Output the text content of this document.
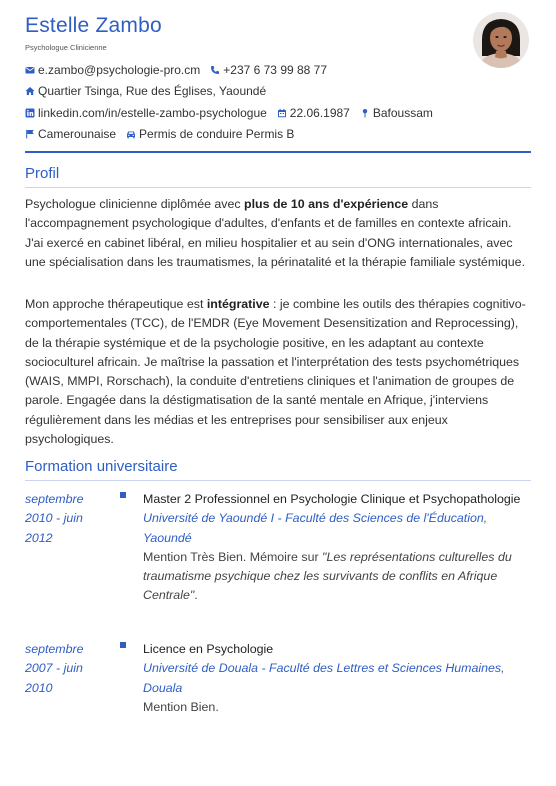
Estelle Zambo
Psychologue Clinicienne
e.zambo@psychologie-pro.cm +237 6 73 99 88 77
Quartier Tsinga, Rue des Églises, Yaoundé
linkedin.com/in/estelle-zambo-psychologue 22.06.1987 Bafoussam
Camerounaise Permis de conduire Permis B
Profil

Psychologue clinicienne diplômée avec plus de 10 ans d'expérience dans l'accompagnement psychologique d'adultes, d'enfants et de familles en contexte africain. J'ai exercé en cabinet libéral, en milieu hospitalier et au sein d'ONG internationales, avec une spécialisation dans les traumatismes, la périnatalité et la thérapie familiale systémique.

Mon approche thérapeutique est intégrative : je combine les outils des thérapies cognitivo-comportementales (TCC), de l'EMDR (Eye Movement Desensitization and Reprocessing), de la thérapie systémique et de la psychologie positive, en les adaptant au contexte socioculturel africain. Je maîtrise la passation et l'interprétation des tests psychométriques (WAIS, MMPI, Rorschach), la conduite d'entretiens cliniques et l'animation de groupes de parole. Engagée dans la déstigmatisation de la santé mentale en Afrique, j'interviens régulièrement dans les médias et les entreprises pour sensibiliser aux enjeux psychologiques.

Formation universitaire
septembre 2010 - juin 2012
Master 2 Professionnel en Psychologie Clinique et Psychopathologie
Université de Yaoundé I - Faculté des Sciences de l'Éducation, Yaoundé
Mention Très Bien. Mémoire sur "Les représentations culturelles du traumatisme psychique chez les survivants de conflits en Afrique Centrale".
septembre 2007 - juin 2010
Licence en Psychologie
Université de Douala - Faculté des Lettres et Sciences Humaines, Douala
Mention Bien.
